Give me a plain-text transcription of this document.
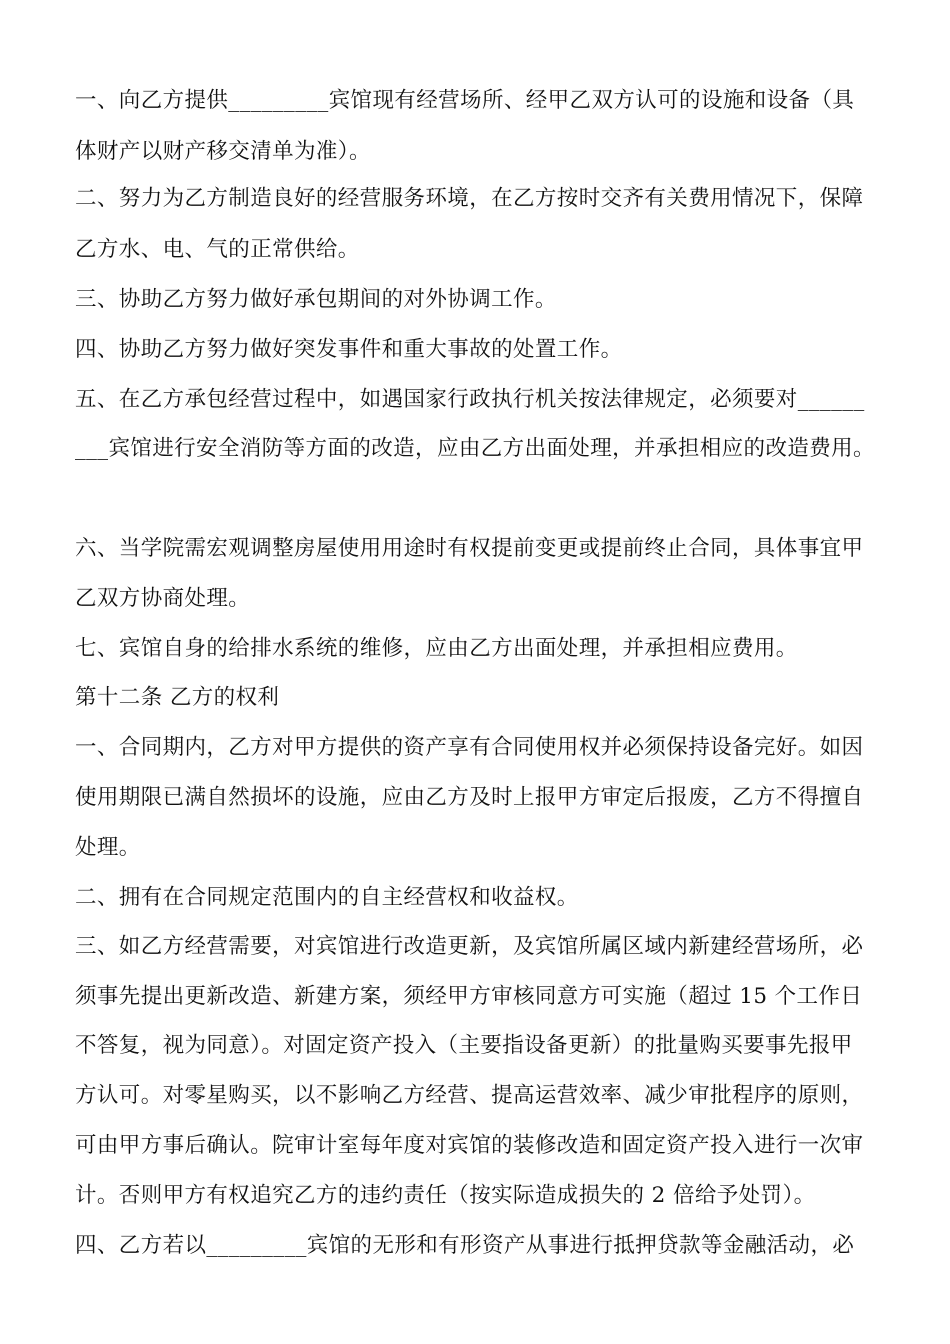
一、向乙方提供_________宾馆现有经营场所、经甲乙双方认可的设施和设备（具
体财产以财产移交清单为准）。
二、努力为乙方制造良好的经营服务环境，在乙方按时交齐有关费用情况下，保障
乙方水、电、气的正常供给。
三、协助乙方努力做好承包期间的对外协调工作。
四、协助乙方努力做好突发事件和重大事故的处置工作。
五、在乙方承包经营过程中，如遇国家行政执行机关按法律规定，必须要对______
___宾馆进行安全消防等方面的改造，应由乙方出面处理，并承担相应的改造费用。
六、当学院需宏观调整房屋使用用途时有权提前变更或提前终止合同，具体事宜甲
乙双方协商处理。
七、宾馆自身的给排水系统的维修，应由乙方出面处理，并承担相应费用。
第十二条 乙方的权利
一、合同期内，乙方对甲方提供的资产享有合同使用权并必须保持设备完好。如因
使用期限已满自然损坏的设施，应由乙方及时上报甲方审定后报废，乙方不得擅自
处理。
二、拥有在合同规定范围内的自主经营权和收益权。
三、如乙方经营需要，对宾馆进行改造更新，及宾馆所属区域内新建经营场所，必
须事先提出更新改造、新建方案，须经甲方审核同意方可实施（超过 15 个工作日
不答复，视为同意）。对固定资产投入（主要指设备更新）的批量购买要事先报甲
方认可。对零星购买，以不影响乙方经营、提高运营效率、减少审批程序的原则，
可由甲方事后确认。院审计室每年度对宾馆的装修改造和固定资产投入进行一次审
计。否则甲方有权追究乙方的违约责任（按实际造成损失的 2 倍给予处罚）。
四、乙方若以_________宾馆的无形和有形资产从事进行抵押贷款等金融活动，必
